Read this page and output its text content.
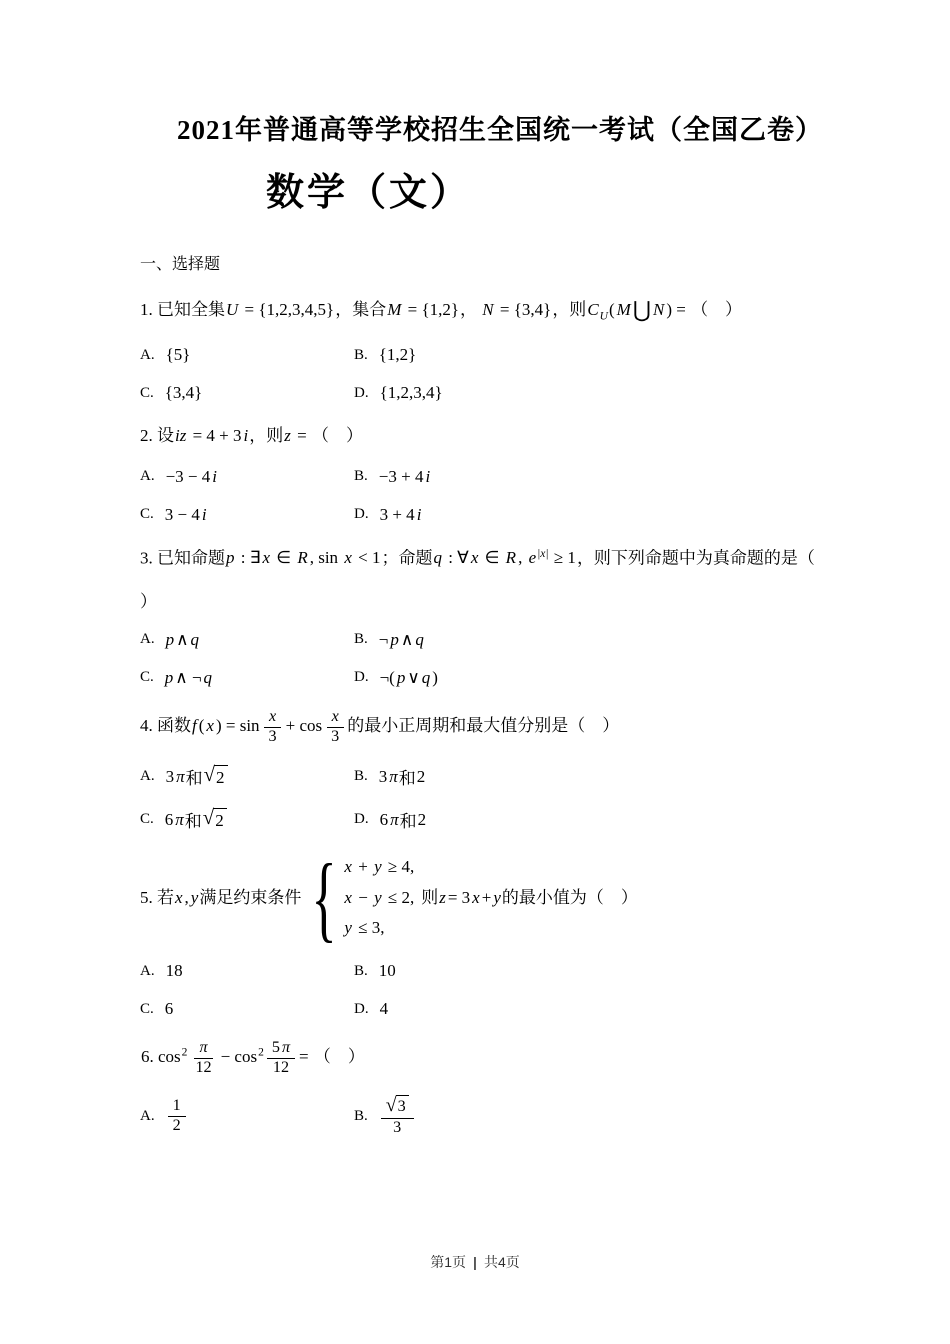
2021年普通高等学校招生全国统一考试（全国乙卷）
数学（文）
一、选择题
1. 已知全集U = {1,2,3,4,5}，集合M = {1,2}， N = {3,4}，则$C_U$( M⋃ N ) = （　）
A. {5}	B. {1,2}
C. {3,4}	D. {1,2,3,4}
2. 设iz = 4 + 3 i，则z = （　）
A. −3 − 4 i	B. −3 + 4 i
C. 3 − 4 i	D. 3 + 4 i
3. 已知命题p : ∃ x ∈ R , sin x < 1；命题q : ∀ x ∈ R , $e^{|x|} \ge 1$，则下列命题中为真命题的是（
）
A. p ∧ q	B. ¬ p ∧ q
C. p ∧ ¬ q	D. ¬( p ∨ q )
4. 函数f ( x ) = $\sin \frac{x}{3} + \cos \frac{x}{3}$ 的最小正周期和最大值分别是（　）
A. 3 π 和 √ 2	B. 3 π 和 2
C. 6 π 和 √ 2	D. 6 π 和 2
5. 若 x , y 满足约束条件 { x + y ≥ 4,
x − y ≤ 2,
y ≤ 3,
则 z = 3 x + y 的最小值为（　）
A. 18	B. 10
C. 6	D. 4
6. $\cos^2 \frac{\pi}{12} - \cos^2 \frac{5 \pi}{12}$ = （　）
A. $\frac{1}{2}$	B. $\frac{√ 3}{3}$
第1页 | 共4页
